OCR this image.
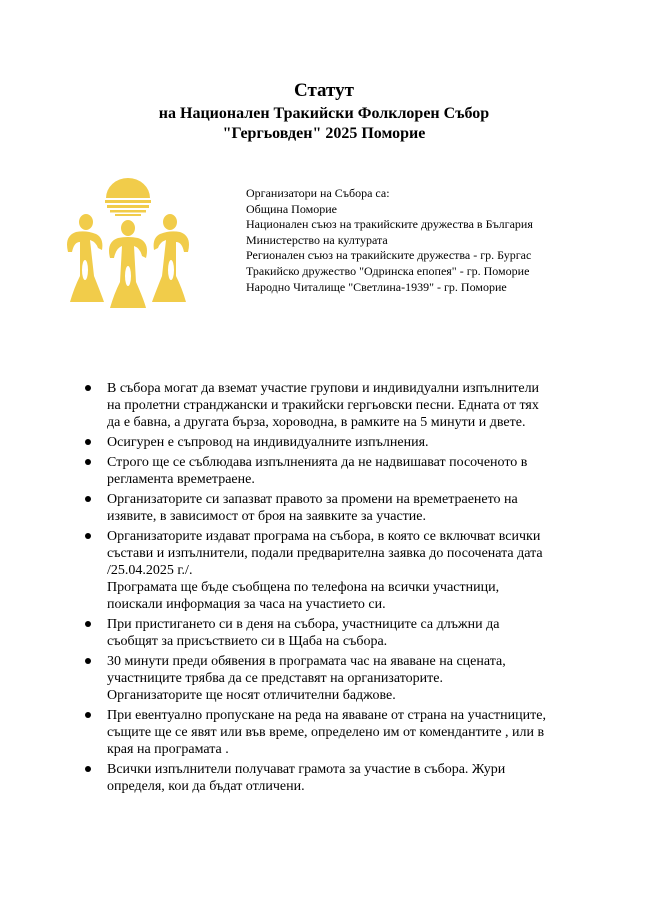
Статут
на Национален Тракийски Фолклорен Събор
"Гергьовден" 2025 Поморие
Организатори на Събора са:
Община Поморие
Национален съюз на тракийските дружества в България
Министерство на културата
Регионален съюз на тракийските дружества - гр. Бургас
Тракийско дружество "Одринска епопея" - гр. Поморие
Народно Читалище "Светлина-1939" - гр. Поморие

В събора могат да вземат участие групови и индивидуални изпълнители на пролетни странджански и тракийски гергьовски песни. Едната от тях да е бавна, а другата бърза, хороводна, в рамките на 5 минути и двете.

Осигурен е съпровод на индивидуалните изпълнения.

Строго ще се съблюдава изпълненията да не надвишават посоченото в регламента времетраене.

Организаторите си запазват правото за промени на времетраенето на изявите, в зависимост от броя на заявките за участие.

Организаторите издават програма на събора, в която се включват всички състави и изпълнители, подали предварителна заявка до посочената дата /25.04.2025 г./.

Програмата ще бъде съобщена по телефона на всички участници, поискали информация за часа на участието си.

При пристигането си в деня на събора, участниците са длъжни да съобщят за присъствието си в Щаба на събора.

30 минути преди обявения в програмата час на яваване на сцената, участниците трябва да се представят на организаторите.

Организаторите ще носят отличителни баджове.

При евентуално пропускане на реда на яваване от страна на участниците, същите ще се явят или във време, определено им от комендантите , или в края на програмата .

Всички изпълнители получават грамота за участие в събора. Жури определя, кои да бъдат отличени.
